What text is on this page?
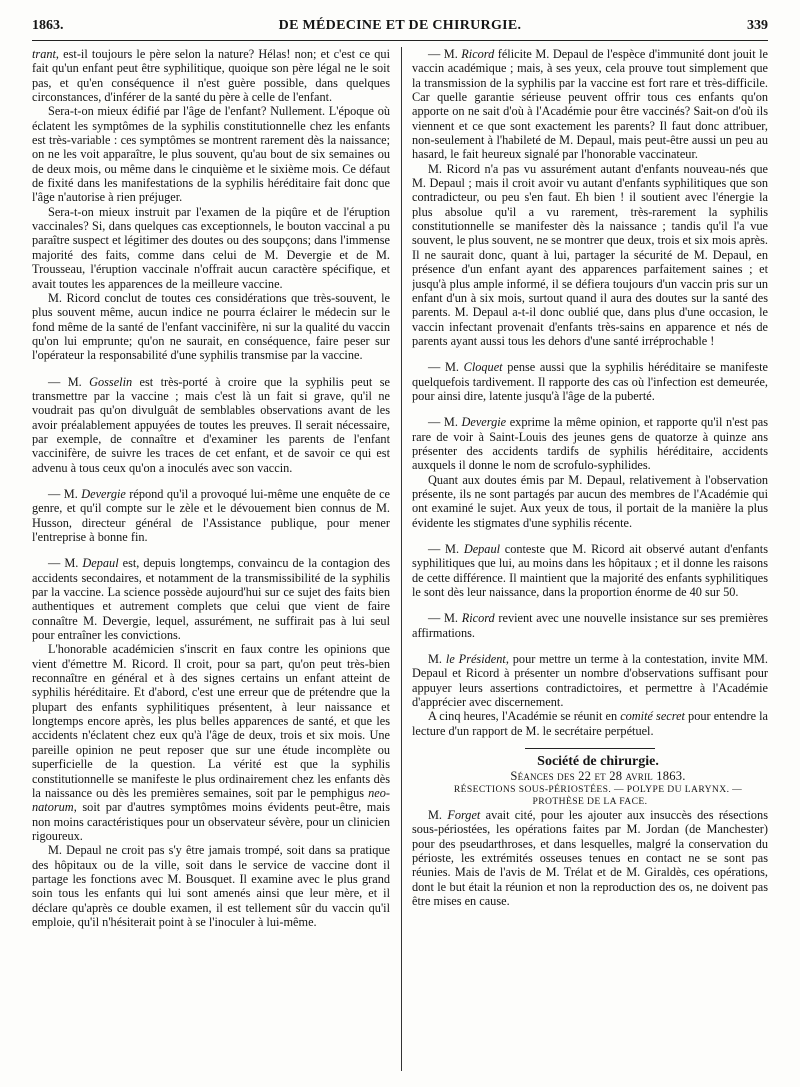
1863.	DE MÉDECINE ET DE CHIRURGIE.	339

trant, est-il toujours le père selon la nature? Hélas! non; et c'est ce qui fait qu'un enfant peut être syphilitique, quoique son père légal ne le soit pas, et qu'en conséquence il n'est guère possible, dans quelques circonstances, d'inférer de la santé du père à celle de l'enfant.

Sera-t-on mieux édifié par l'âge de l'enfant? Nullement. L'époque où éclatent les symptômes de la syphilis constitutionnelle chez les enfants est très-variable : ces symptômes se montrent rarement dès la naissance; on ne les voit apparaître, le plus souvent, qu'au bout de six semaines ou de deux mois, ou même dans le cinquième et le sixième mois. Ce défaut de fixité dans les manifestations de la syphilis héréditaire fait donc que l'âge n'autorise à rien préjuger.

Sera-t-on mieux instruit par l'examen de la piqûre et de l'éruption vaccinales? Si, dans quelques cas exceptionnels, le bouton vaccinal a pu paraître suspect et légitimer des doutes ou des soupçons; dans l'immense majorité des faits, comme dans celui de M. Devergie et de M. Trousseau, l'éruption vaccinale n'offrait aucun caractère spécifique, et avait toutes les apparences de la meilleure vaccine.

M. Ricord conclut de toutes ces considérations que très-souvent, le plus souvent même, aucun indice ne pourra éclairer le médecin sur le fond même de la santé de l'enfant vaccinifère, ni sur la qualité du vaccin qu'on lui emprunte; qu'on ne saurait, en conséquence, faire peser sur l'opérateur la responsabilité d'une syphilis transmise par la vaccine.

— M. Gosselin est très-porté à croire que la syphilis peut se transmettre par la vaccine ; mais c'est là un fait si grave, qu'il ne voudrait pas qu'on divulguât de semblables observations avant de les avoir préalablement appuyées de toutes les preuves. Il serait nécessaire, par exemple, de connaître et d'examiner les parents de l'enfant vaccinifère, de suivre les traces de cet enfant, et de savoir ce qui est advenu à tous ceux qu'on a inoculés avec son vaccin.

— M. Devergie répond qu'il a provoqué lui-même une enquête de ce genre, et qu'il compte sur le zèle et le dévouement bien connus de M. Husson, directeur général de l'Assistance publique, pour mener l'entreprise à bonne fin.

— M. Depaul est, depuis longtemps, convaincu de la contagion des accidents secondaires, et notamment de la transmissibilité de la syphilis par la vaccine. La science possède aujourd'hui sur ce sujet des faits bien authentiques et autrement complets que celui que vient de faire connaître M. Devergie, lequel, assurément, ne suffirait pas à lui seul pour entraîner les convictions.

L'honorable académicien s'inscrit en faux contre les opinions que vient d'émettre M. Ricord. Il croit, pour sa part, qu'on peut très-bien reconnaître en général et à des signes certains un enfant atteint de syphilis héréditaire. Et d'abord, c'est une erreur que de prétendre que la plupart des enfants syphilitiques présentent, à leur naissance et longtemps encore après, les plus belles apparences de santé, et que les accidents n'éclatent chez eux qu'à l'âge de deux, trois et six mois. Une pareille opinion ne peut reposer que sur une étude incomplète ou superficielle de la question. La vérité est que la syphilis constitutionnelle se manifeste le plus ordinairement chez les enfants dès la naissance ou dès les premières semaines, soit par le pemphigus neo-natorum, soit par d'autres symptômes moins évidents peut-être, mais non moins caractéristiques pour un observateur sévère, pour un clinicien rigoureux.

M. Depaul ne croit pas s'y être jamais trompé, soit dans sa pratique des hôpitaux ou de la ville, soit dans le service de vaccine dont il partage les fonctions avec M. Bousquet. Il examine avec le plus grand soin tous les enfants qui lui sont amenés ainsi que leur mère, et il déclare qu'après ce double examen, il est tellement sûr du vaccin qu'il emploie, qu'il n'hésiterait point à se l'inoculer à lui-même.

— M. Ricord félicite M. Depaul de l'espèce d'immunité dont jouit le vaccin académique ; mais, à ses yeux, cela prouve tout simplement que la transmission de la syphilis par la vaccine est fort rare et très-difficile. Car quelle garantie sérieuse peuvent offrir tous ces enfants qu'on apporte on ne sait d'où à l'Académie pour être vaccinés? Sait-on d'où ils viennent et ce que sont exactement les parents? Il faut donc attribuer, non-seulement à l'habileté de M. Depaul, mais peut-être aussi un peu au hasard, le fait heureux signalé par l'honorable vaccinateur.

M. Ricord n'a pas vu assurément autant d'enfants nouveau-nés que M. Depaul ; mais il croit avoir vu autant d'enfants syphilitiques que son contradicteur, ou peu s'en faut. Eh bien ! il soutient avec l'énergie la plus absolue qu'il a vu rarement, très-rarement la syphilis constitutionnelle se manifester dès la naissance ; tandis qu'il l'a vue souvent, le plus souvent, ne se montrer que deux, trois et six mois après. Il ne saurait donc, quant à lui, partager la sécurité de M. Depaul, en présence d'un enfant ayant des apparences parfaitement saines ; et jusqu'à plus ample informé, il se défiera toujours d'un vaccin pris sur un enfant d'un à six mois, surtout quand il aura des doutes sur la santé des parents. M. Depaul a-t-il donc oublié que, dans plus d'une occasion, le vaccin infectant provenait d'enfants très-sains en apparence et nés de parents ayant aussi tous les dehors d'une santé irréprochable !

— M. Cloquet pense aussi que la syphilis héréditaire se manifeste quelquefois tardivement. Il rapporte des cas où l'infection est demeurée, pour ainsi dire, latente jusqu'à l'âge de la puberté.

— M. Devergie exprime la même opinion, et rapporte qu'il n'est pas rare de voir à Saint-Louis des jeunes gens de quatorze à quinze ans présenter des accidents tardifs de syphilis héréditaire, accidents auxquels il donne le nom de scrofulo-syphilides.

Quant aux doutes émis par M. Depaul, relativement à l'observation présente, ils ne sont partagés par aucun des membres de l'Académie qui ont examiné le sujet. Aux yeux de tous, il portait de la manière la plus évidente les stigmates d'une syphilis récente.

— M. Depaul conteste que M. Ricord ait observé autant d'enfants syphilitiques que lui, au moins dans les hôpitaux ; et il donne les raisons de cette différence. Il maintient que la majorité des enfants syphilitiques le sont dès leur naissance, dans la proportion énorme de 40 sur 50.

— M. Ricord revient avec une nouvelle insistance sur ses premières affirmations.

M. le Président, pour mettre un terme à la contestation, invite MM. Depaul et Ricord à présenter un nombre d'observations suffisant pour appuyer leurs assertions contradictoires, et permettre à l'Académie d'apprécier avec discernement.

A cinq heures, l'Académie se réunit en comité secret pour entendre la lecture d'un rapport de M. le secrétaire perpétuel.

Société de chirurgie.

Séances des 22 et 28 avril 1863.

RÉSECTIONS SOUS-PÉRIOSTÉES. — POLYPE DU LARYNX. —
PROTHÈSE DE LA FACE.

M. Forget avait cité, pour les ajouter aux insuccès des résections sous-périostées, les opérations faites par M. Jordan (de Manchester) pour des pseudarthroses, et dans lesquelles, malgré la conservation du périoste, les extrémités osseuses tenues en contact ne se sont pas réunies. Mais de l'avis de M. Trélat et de M. Giraldès, ces opérations, dont le but était la réunion et non la reproduction des os, ne doivent pas être mises en cause.
